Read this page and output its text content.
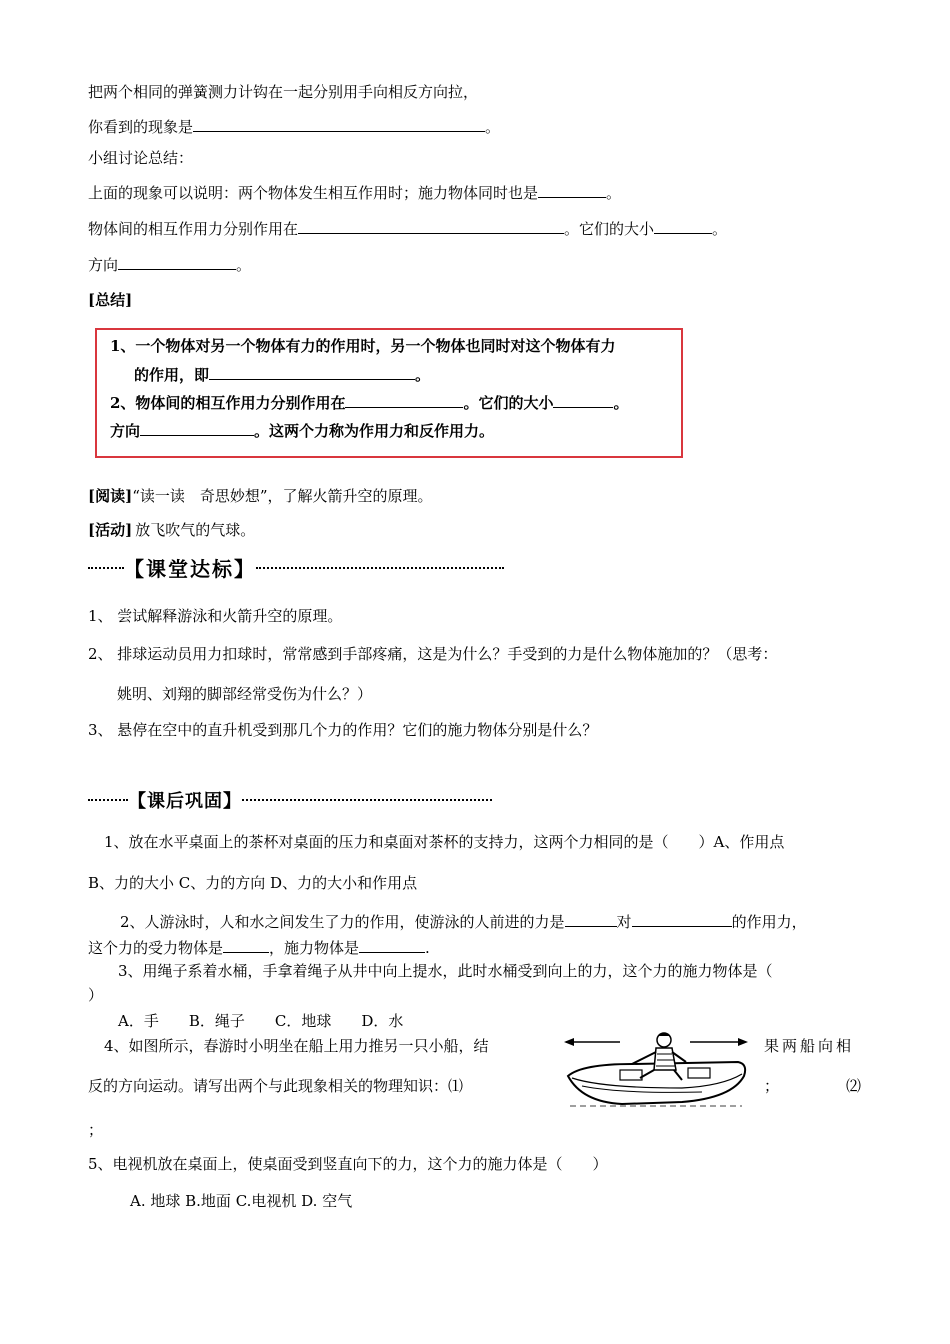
把两个相同的弹簧测力计钩在一起分别用手向相反方向拉，
你看到的现象是	。
小组讨论总结：
上面的现象可以说明：两个物体发生相互作用时；施力物体同时也是	。
物体间的相互作用力分别作用在	。它们的大小	。
方向	。
[总结]
1、一个物体对另一个物体有力的作用时，另一个物体也同时对这个物体有力
的作用，即	。
2、物体间的相互作用力分别作用在	。它们的大小	。
方向	。这两个力称为作用力和反作用力。
[阅读]“读一读　奇思妙想”，了解火箭升空的原理。
[活动]  放飞吹气的气球。
【课堂达标】
1、 尝试解释游泳和火箭升空的原理。
2、 排球运动员用力扣球时，常常感到手部疼痛，这是为什么？手受到的力是什么物体施加的？（思考：
姚明、刘翔的脚部经常受伤为什么？）
3、 悬停在空中的直升机受到那几个力的作用？它们的施力物体分别是什么？
【课后巩固】
1、放在水平桌面上的茶杯对桌面的压力和桌面对茶杯的支持力，这两个力相同的是（　　）A、作用点
B、力的大小 C、力的方向 D、力的大小和作用点
2、人游泳时，人和水之间发生了力的作用，使游泳的人前进的力是	对	的作用力，
这个力的受力物体是	，施力物体是	.
3、用绳子系着水桶，手拿着绳子从井中向上提水，此时水桶受到向上的力，这个力的施力物体是（
）
A．手　　B．绳子　　C．地球　　D．水
4、如图所示，春游时小明坐在船上用力推另一只小船，结	果两船向相
反的方向运动。请写出两个与此现象相关的物理知识：⑴	；	⑵
；
5、电视机放在桌面上，使桌面受到竖直向下的力，这个力的施力体是（　　）
A. 地球 B.地面 C.电视机 D. 空气
